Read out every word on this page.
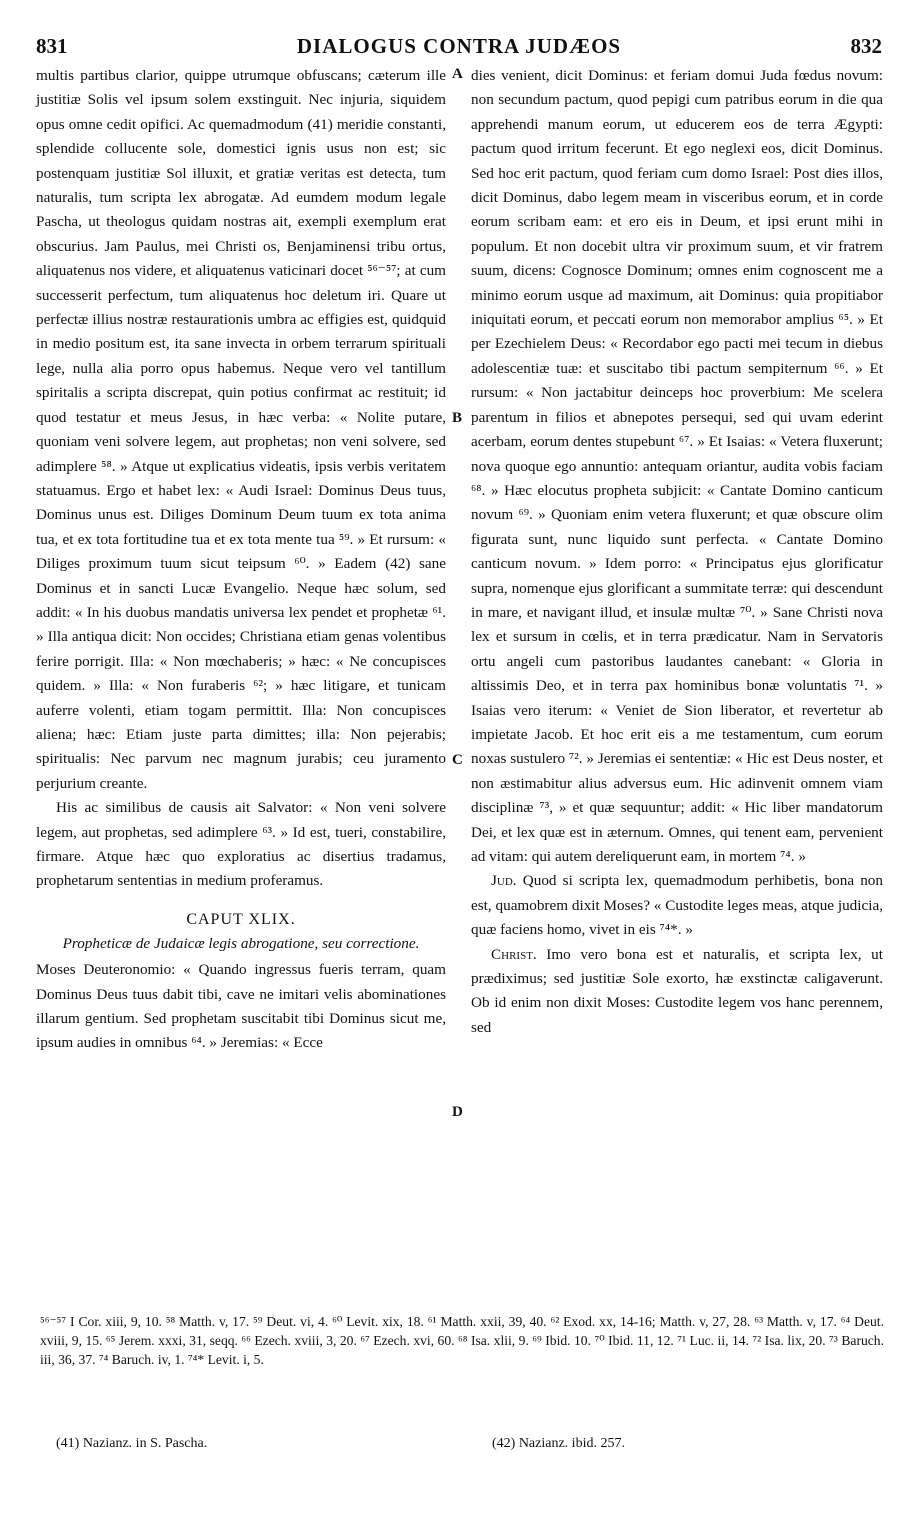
831	DIALOGUS CONTRA JUDÆOS	832

multis partibus clarior, quippe utrumque obfuscans; cæterum ille justitiæ Solis vel ipsum solem exstinguit. Nec injuria, siquidem opus omne cedit opifici. Ac quemadmodum (41) meridie constanti, splendide collucente sole, domestici ignis usus non est; sic postenquam justitiæ Sol illuxit, et gratiæ veritas est detecta, tum naturalis, tum scripta lex abrogatæ. Ad eumdem modum legale Pascha, ut theologus quidam nostras ait, exempli exemplum erat obscurius. Jam Paulus, mei Christi os, Benjaminensi tribu ortus, aliquatenus nos videre, et aliquatenus vaticinari docet ⁵⁶⁻⁵⁷; at cum successerit perfectum, tum aliquatenus hoc deletum iri. Quare ut perfectæ illius nostræ restaurationis umbra ac effigies est, quidquid in medio positum est, ita sane invecta in orbem terrarum spirituali lege, nulla alia porro opus habemus. Neque vero vel tantillum spiritalis a scripta discrepat, quin potius confirmat ac restituit; id quod testatur et meus Jesus, in hæc verba: « Nolite putare, quoniam veni solvere legem, aut prophetas; non veni solvere, sed adimplere ⁵⁸. » Atque ut explicatius videatis, ipsis verbis veritatem statuamus. Ergo et habet lex: « Audi Israel: Dominus Deus tuus, Dominus unus est. Diliges Dominum Deum tuum ex tota anima tua, et ex tota fortitudine tua et ex tota mente tua ⁵⁹. » Et rursum: « Diliges proximum tuum sicut teipsum ⁶⁰. » Eadem (42) sane Dominus et in sancti Lucæ Evangelio. Neque hæc solum, sed addit: « In his duobus mandatis universa lex pendet et prophetæ ⁶¹. » Illa antiqua dicit: Non occides; Christiana etiam genas volentibus ferire porrigit. Illa: « Non mœchaberis; » hæc: « Ne concupisces quidem. » Illa: « Non furaberis ⁶²; » hæc litigare, et tunicam auferre volenti, etiam togam permittit. Illa: Non concupisces aliena; hæc: Etiam juste parta dimittes; illa: Non pejerabis; spiritualis: Nec parvum nec magnum jurabis; ceu juramento perjurium creante.

His ac similibus de causis ait Salvator: « Non veni solvere legem, aut prophetas, sed adimplere ⁶³. » Id est, tueri, constabilire, firmare. Atque hæc quo exploratius ac disertius tradamus, prophetarum sententias in medium proferamus.

CAPUT XLIX.
Propheticæ de Judaicæ legis abrogatione, seu correctione.

Moses Deuteronomio: « Quando ingressus fueris terram, quam Dominus Deus tuus dabit tibi, cave ne imitari velis abominationes illarum gentium. Sed prophetam suscitabit tibi Dominus sicut me, ipsum audies in omnibus ⁶⁴. » Jeremias: « Ecce

A
B
C
D

dies venient, dicit Dominus: et feriam domui Juda fœdus novum: non secundum pactum, quod pepigi cum patribus eorum in die qua apprehendi manum eorum, ut educerem eos de terra Ægypti: pactum quod irritum fecerunt. Et ego neglexi eos, dicit Dominus. Sed hoc erit pactum, quod feriam cum domo Israel: Post dies illos, dicit Dominus, dabo legem meam in visceribus eorum, et in corde eorum scribam eam: et ero eis in Deum, et ipsi erunt mihi in populum. Et non docebit ultra vir proximum suum, et vir fratrem suum, dicens: Cognosce Dominum; omnes enim cognoscent me a minimo eorum usque ad maximum, ait Dominus: quia propitiabor iniquitati eorum, et peccati eorum non memorabor amplius ⁶⁵. » Et per Ezechielem Deus: « Recordabor ego pacti mei tecum in diebus adolescentiæ tuæ: et suscitabo tibi pactum sempiternum ⁶⁶. » Et rursum: « Non jactabitur deinceps hoc proverbium: Me scelera parentum in filios et abnepotes persequi, sed qui uvam ederint acerbam, eorum dentes stupebunt ⁶⁷. » Et Isaias: « Vetera fluxerunt; nova quoque ego annuntio: antequam oriantur, audita vobis faciam ⁶⁸. » Hæc elocutus propheta subjicit: « Cantate Domino canticum novum ⁶⁹. » Quoniam enim vetera fluxerunt; et quæ obscure olim figurata sunt, nunc liquido sunt perfecta. « Cantate Domino canticum novum. » Idem porro: « Principatus ejus glorificatur supra, nomenque ejus glorificant a summitate terræ: qui descendunt in mare, et navigant illud, et insulæ multæ ⁷⁰. » Sane Christi nova lex et sursum in cœlis, et in terra prædicatur. Nam in Servatoris ortu angeli cum pastoribus laudantes canebant: « Gloria in altissimis Deo, et in terra pax hominibus bonæ voluntatis ⁷¹. » Isaias vero iterum: « Veniet de Sion liberator, et revertetur ab impietate Jacob. Et hoc erit eis a me testamentum, cum eorum noxas sustulero ⁷². » Jeremias ei sententiæ: « Hic est Deus noster, et non æstimabitur alius adversus eum. Hic adinvenit omnem viam disciplinæ ⁷³, » et quæ sequuntur; addit: « Hic liber mandatorum Dei, et lex quæ est in æternum. Omnes, qui tenent eam, pervenient ad vitam: qui autem dereliquerunt eam, in mortem ⁷⁴. »

Jud. Quod si scripta lex, quemadmodum perhibetis, bona non est, quamobrem dixit Moses? « Custodite leges meas, atque judicia, quæ faciens homo, vivet in eis ⁷⁴*. »

Christ. Imo vero bona est et naturalis, et scripta lex, ut prædiximus; sed justitiæ Sole exorto, hæ exstinctæ caligaverunt. Ob id enim non dixit Moses: Custodite legem vos hanc perennem, sed

⁵⁶⁻⁵⁷ I Cor. xiii, 9, 10. ⁵⁸ Matth. v, 17. ⁵⁹ Deut. vi, 4. ⁶⁰ Levit. xix, 18. ⁶¹ Matth. xxii, 39, 40. ⁶² Exod. xx, 14-16; Matth. v, 27, 28. ⁶³ Matth. v, 17. ⁶⁴ Deut. xviii, 9, 15. ⁶⁵ Jerem. xxxi, 31, seqq. ⁶⁶ Ezech. xviii, 3, 20. ⁶⁷ Ezech. xvi, 60. ⁶⁸ Isa. xlii, 9. ⁶⁹ Ibid. 10. ⁷⁰ Ibid. 11, 12. ⁷¹ Luc. ii, 14. ⁷² Isa. lix, 20. ⁷³ Baruch. iii, 36, 37. ⁷⁴ Baruch. iv, 1. ⁷⁴* Levit. i, 5.

(41) Nazianz. in S. Pascha.	(42) Nazianz. ibid. 257.
